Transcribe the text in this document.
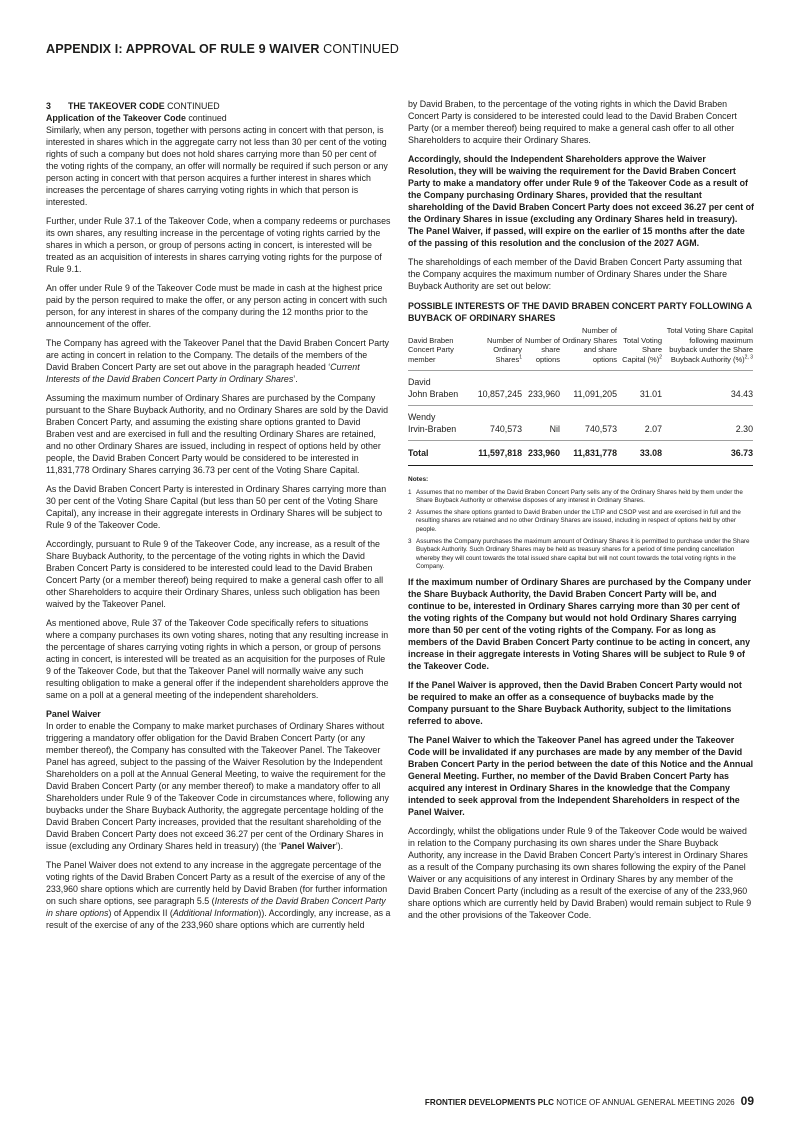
APPENDIX I: APPROVAL OF RULE 9 WAIVER CONTINUED

3 THE TAKEOVER CODE CONTINUED

Application of the Takeover Code continued

Similarly, when any person, together with persons acting in concert with that person, is interested in shares which in the aggregate carry not less than 30 per cent of the voting rights of such a company but does not hold shares carrying more than 50 per cent of the voting rights of the company, an offer will normally be required if such person or any person acting in concert with that person acquires a further interest in shares which increases the percentage of shares carrying voting rights in which that person is interested.

Further, under Rule 37.1 of the Takeover Code, when a company redeems or purchases its own shares, any resulting increase in the percentage of voting rights carried by the shares in which a person, or group of persons acting in concert, is interested will be treated as an acquisition of interests in shares carrying voting rights for the purpose of Rule 9.1.

An offer under Rule 9 of the Takeover Code must be made in cash at the highest price paid by the person required to make the offer, or any person acting in concert with such person, for any interest in shares of the company during the 12 months prior to the announcement of the offer.

The Company has agreed with the Takeover Panel that the David Braben Concert Party are acting in concert in relation to the Company. The details of the members of the David Braben Concert Party are set out above in the paragraph headed ‘Current Interests of the David Braben Concert Party in Ordinary Shares’.

Assuming the maximum number of Ordinary Shares are purchased by the Company pursuant to the Share Buyback Authority, and no Ordinary Shares are sold by the David Braben Concert Party, and assuming the existing share options granted to David Braben vest and are exercised in full and the resulting Ordinary Shares are retained, and no other Ordinary Shares are issued, including in respect of options held by other people, the David Braben Concert Party would be considered to be interested in 11,831,778 Ordinary Shares carrying 36.73 per cent of the Voting Share Capital.

As the David Braben Concert Party is interested in Ordinary Shares carrying more than 30 per cent of the Voting Share Capital (but less than 50 per cent of the Voting Share Capital), any increase in their aggregate interests in Ordinary Shares will be subject to Rule 9 of the Takeover Code.

Accordingly, pursuant to Rule 9 of the Takeover Code, any increase, as a result of the Share Buyback Authority, to the percentage of the voting rights in which the David Braben Concert Party is considered to be interested could lead to the David Braben Concert Party (or a member thereof) being required to make a general cash offer to all other Shareholders to acquire their Ordinary Shares, unless such obligation has been waived by the Takeover Panel.

As mentioned above, Rule 37 of the Takeover Code specifically refers to situations where a company purchases its own voting shares, noting that any resulting increase in the percentage of shares carrying voting rights in which a person, or group of persons acting in concert, is interested will be treated as an acquisition for the purposes of Rule 9 of the Takeover Code, but that the Takeover Panel will normally waive any such resulting obligation to make a general offer if the independent shareholders approve the same on a poll at a general meeting of the independent shareholders.

Panel Waiver

In order to enable the Company to make market purchases of Ordinary Shares without triggering a mandatory offer obligation for the David Braben Concert Party (or any member thereof), the Company has consulted with the Takeover Panel. The Takeover Panel has agreed, subject to the passing of the Waiver Resolution by the Independent Shareholders on a poll at the Annual General Meeting, to waive the requirement for the David Braben Concert Party (or any member thereof) to make a mandatory offer to all Shareholders under Rule 9 of the Takeover Code in circumstances where, following any buybacks under the Share Buyback Authority, the aggregate percentage holding of the David Braben Concert Party increases, provided that the resultant shareholding of the David Braben Concert Party does not exceed 36.27 per cent of the Ordinary Shares in issue (excluding any Ordinary Shares held in treasury) (the ‘Panel Waiver’).

The Panel Waiver does not extend to any increase in the aggregate percentage of the voting rights of the David Braben Concert Party as a result of the exercise of any of the 233,960 share options which are currently held by David Braben (for further information on such share options, see paragraph 5.5 (Interests of the David Braben Concert Party in share options) of Appendix II (Additional Information)). Accordingly, any increase, as a result of the exercise of any of the 233,960 share options which are currently held

by David Braben, to the percentage of the voting rights in which the David Braben Concert Party is considered to be interested could lead to the David Braben Concert Party (or a member thereof) being required to make a general cash offer to all other Shareholders to acquire their Ordinary Shares.

Accordingly, should the Independent Shareholders approve the Waiver Resolution, they will be waiving the requirement for the David Braben Concert Party to make a mandatory offer under Rule 9 of the Takeover Code as a result of the Company purchasing Ordinary Shares, provided that the resultant shareholding of the David Braben Concert Party does not exceed 36.27 per cent of the Ordinary Shares in issue (excluding any Ordinary Shares held in treasury). The Panel Waiver, if passed, will expire on the earlier of 15 months after the date of the passing of this resolution and the conclusion of the 2027 AGM.

The shareholdings of each member of the David Braben Concert Party assuming that the Company acquires the maximum number of Ordinary Shares under the Share Buyback Authority are set out below:

POSSIBLE INTERESTS OF THE DAVID BRABEN CONCERT PARTY FOLLOWING A BUYBACK OF ORDINARY SHARES
David Braben Concert Party member	Number of Ordinary Shares$^1$	Number of share options	Number of Ordinary Shares and share options	Total Voting Share Capital (%)$^2$	Total Voting Share Capital following maximum buyback under the Share Buyback Authority (%)$^{2, 3}$
David
John Braben	10,857,245	233,960	11,091,205	31.01	34.43
Wendy
Irvin-Braben	740,573	Nil	740,573	2.07	2.30
Total	11,597,818	233,960	11,831,778	33.08	36.73
Notes:
1 Assumes that no member of the David Braben Concert Party sells any of the Ordinary Shares held by them under the Share Buyback Authority or otherwise disposes of any interest in Ordinary Shares.
2 Assumes the share options granted to David Braben under the LTIP and CSOP vest and are exercised in full and the resulting shares are retained and no other Ordinary Shares are issued, including in respect of options held by other people.
3 Assumes the Company purchases the maximum amount of Ordinary Shares it is permitted to purchase under the Share Buyback Authority. Such Ordinary Shares may be held as treasury shares for a period of time pending cancellation whereby they will count towards the total issued share capital but will not count towards the total voting rights in the Company.

If the maximum number of Ordinary Shares are purchased by the Company under the Share Buyback Authority, the David Braben Concert Party will be, and continue to be, interested in Ordinary Shares carrying more than 30 per cent of the voting rights of the Company but would not hold Ordinary Shares carrying more than 50 per cent of the voting rights of the Company. For as long as members of the David Braben Concert Party continue to be acting in concert, any increase in their aggregate interests in Voting Shares will be subject to Rule 9 of the Takeover Code.

If the Panel Waiver is approved, then the David Braben Concert Party would not be required to make an offer as a consequence of buybacks made by the Company pursuant to the Share Buyback Authority, subject to the limitations referred to above.

The Panel Waiver to which the Takeover Panel has agreed under the Takeover Code will be invalidated if any purchases are made by any member of the David Braben Concert Party in the period between the date of this Notice and the Annual General Meeting. Further, no member of the David Braben Concert Party has acquired any interest in Ordinary Shares in the knowledge that the Company intended to seek approval from the Independent Shareholders in respect of the Panel Waiver.

Accordingly, whilst the obligations under Rule 9 of the Takeover Code would be waived in relation to the Company purchasing its own shares under the Share Buyback Authority, any increase in the David Braben Concert Party’s interest in Ordinary Shares as a result of the Company purchasing its own shares following the expiry of the Panel Waiver or any acquisitions of any interest in Ordinary Shares by any member of the David Braben Concert Party (including as a result of the exercise of any of the 233,960 share options which are currently held by David Braben) would remain subject to Rule 9 and the other provisions of the Takeover Code.

FRONTIER DEVELOPMENTS PLC NOTICE OF ANNUAL GENERAL MEETING 2026 09
